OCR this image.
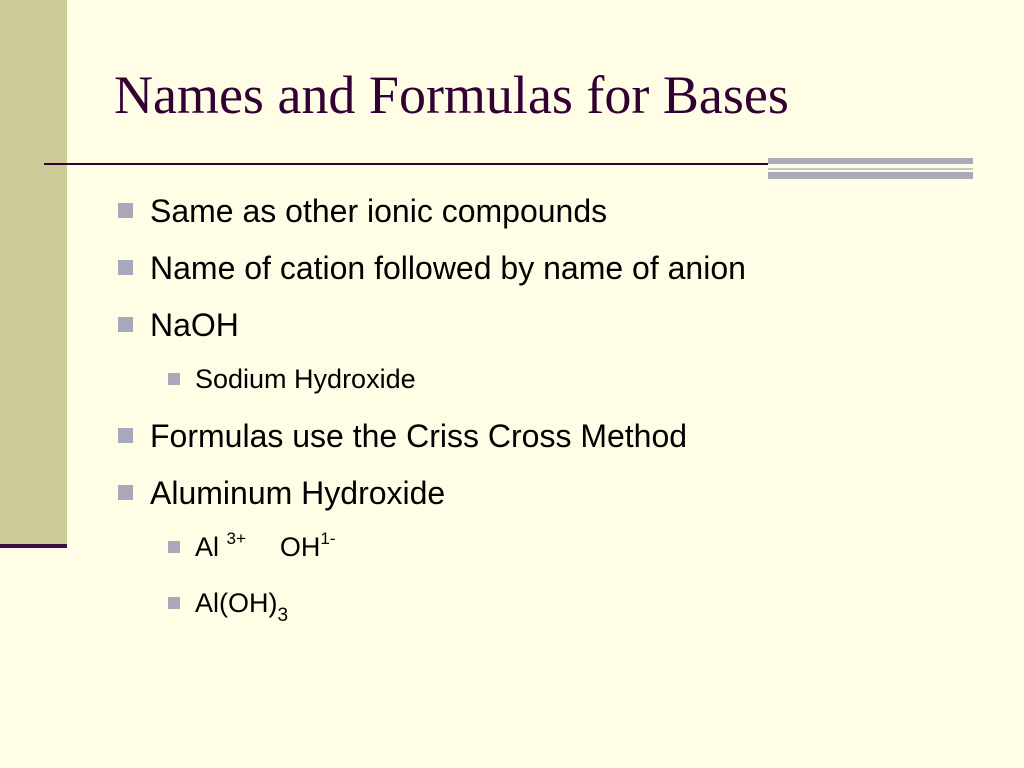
Names and Formulas for Bases
Same as other ionic compounds
Name of cation followed by name of anion
NaOH
Sodium Hydroxide
Formulas use the Criss Cross Method
Aluminum Hydroxide
Al $^{3+}$ $OH^{1-}$
$Al(OH)_3$
